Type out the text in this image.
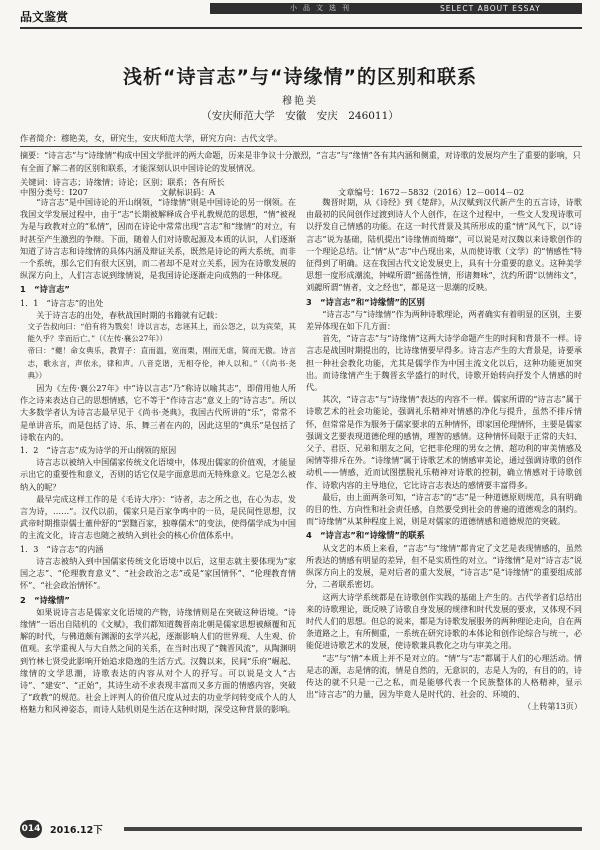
品文鉴赏
小品文选刊	SELECT ABOUT ESSAY
浅析“诗言志”与“诗缘情”的区别和联系
穆艳美
（安庆师范大学　安徽　安庆　246011）
作者简介：穆艳美，女，研究生，安庆师范大学，研究方向：古代文学。
摘要：“诗言志”与“诗缘情”构成中国文学批评的两大命题，历来是非争议十分激烈，“言志”与“缘情”各有其内涵和侧重，对诗歌的发展均产生了重要的影响，只有全面了解二者的区别和联系，才能深刻认识中国诗论的发展情况。
关键词：诗言志；诗缘情；诗论；区别；联系；各有所长
中图分类号：I207	文献标识码：A	文章编号：1672－5832（2016）12－0014－02

“诗言志”是中国诗论的开山纲领，“诗缘情”则是中国诗论的另一纲领。在我国文学发展过程中，由于“志”长期被解释成合乎礼教规范的思想，“情”被视为是与政教对立的“私情”，因而在诗论中常常出现“言志”和“缘情”的对立，有时甚至产生激烈的争辩。下面，随着人们对诗歌起源及本质的认识，人们逐渐知道了诗言志和诗缘情的具体内涵及辩证关系，既然是诗论的两大系统，而非一个系统，那么它们有很大区别，而二者却不是对立关系，因为在诗歌发展的纵深方向上，人们言志说到缘情说，是我国诗论逐渐走向成熟的一种体现。

1　“诗言志”
1．1　“诗言志”的出处

关于诗言志的出处，春秋战国时期的书籍就有记载：

文子告叔向曰：“伯有将为戮矣！诗以言志，志诬其上，而公怨之，以为宾荣，其能久乎？幸而后亡。”（《左传·襄公27年》）

帝曰：“夔！命女典乐，教胄子：直而温，宽而栗，刚而无虐，简而无傲。诗言志，歌永言，声依永，律和声。八音克谐，无相夺伦，神人以和。”（《尚书·尧典》）

因为《左传·襄公27年》中“诗以言志”乃“称诗以喻其志”，即借用他人所作之诗来表达自己的思想情感，它不等于“作诗言志”意义上的“诗言志”。所以大多数学者认为诗言志最早见于《尚书·尧典》，我国古代所讲的“乐”，常常不是单讲音乐，而是包括了诗、乐、舞三者在内的，因此这里的“典乐”是包括了诗歌在内的。

1．2　“诗言志”成为诗学的开山纲领的原因

诗言志以被纳入中国儒家传统文化语境中，体现出儒家的价值观，才能显示出它的重要性和意义，否则的话它仅是字面意思而无特殊意义。它是怎么被纳入的呢？

最早完成这样工作的是《毛诗大序》：“诗者，志之所之也，在心为志，发言为诗，……”。汉代以前，儒家只是百家争鸣中的一员，是民间性思想，汉武帝时期推崇儒士董仲舒的“罢黜百家，独尊儒术”的变法，使得儒学成为中国的主流文化，诗言志也随之被纳入到社会的核心价值体系中。

1．3　“诗言志”的内涵

诗言志被纳入到中国儒家传统文化语境中以后，这里志就主要体现为“家国之志”、“伦理教育意义”、“社会政治之志”或是“家国情怀”、“伦理教育情怀”、“社会政治情怀”。

2　“诗缘情”

如果说诗言志是儒家文化语境的产物，诗缘情则是在突破这种语境。“诗缘情”一语出自陆机的《文赋》，我们都知道魏晋南北朝是儒家思想被颠覆和瓦解的时代，与佛道颇有渊源的玄学兴起，逐渐影响人们的世界观、人生观、价值观。玄学重视人与大自然之间的关系，在当时出现了“魏晋风流”，从陶渊明到竹林七贤受此影响开始追求隐逸的生活方式。汉魏以来，民间“乐府”崛起、缘情的文学思潮，诗歌表达的内容从对个人的抒写。可以说是文人“古诗”、“建安”、“正始”，其诗生动不求表现丰富而又多方面的情感内容，突破了“政教”的规范。社会上评判人的价值尺度从过去的功业学问转变成个人的人格魅力和风神姿态，而诗人陆机则是生活在这种时期，深受这种背景的影响。

魏晋时期，从《诗经》到《楚辞》，从汉赋到汉代新产生的五言诗，诗歌由最初的民间创作过渡到诗人个人创作，在这个过程中，一些文人发现诗歌可以抒发自己情感的功能。在这一时代背景及其所形成的重“情”风气下，以“诗言志”说为基础，陆机提出“诗缘情而绮靡”，可以说是对汉魏以来诗歌创作的一个理论总结。让“情”从“志”中凸现出来，从而使诗歌（文学）的“情感性”特征得到了明确。这在我国古代文论发展史上，具有十分重要的意义。这种美学思想一度形成潮流，钟嵘所谓“摇荡性情，形诸舞咏”，沈约所谓“以情纬文”，刘勰所谓“情者，文之经也”，都是这一思潮的反映。

3　“诗言志”和“诗缘情”的区别

“诗言志”与“诗缘情”作为两种诗歌理论，两者确实有着明显的区别，主要差异体现在如下几方面：

首先，“诗言志”与“诗缘情”这两大诗学命题产生的时间和背景不一样。诗言志是战国时期提出的，比诗缘情要早得多。诗言志产生的大背景是，诗要承担一种社会教化功能，尤其是儒学作为中国主流文化以后，这种功能更加突出。而诗缘情产生于魏晋玄学盛行的时代，诗歌开始转向抒发个人情感的时代。

其次，“诗言志”与“诗缘情”表达的内容不一样。儒家所谓的“诗言志”属于诗歌艺术的社会功能论，强调礼乐精神对情感的净化与提升，虽然不排斥情怀，但常常是作为服务于儒家要求的五种情怀，即家国伦理情怀，主要是儒家强调文艺要表现道德伦理的感情，理智的感情。这种情怀局限于正常的夫妇、父子、君臣、兄弟和朋友之间，它把非伦理的男女之情、超功利的审美情感及闲情等排斥在外。“诗缘情”属于诗歌艺术的情感审美论，通过强调诗歌的创作动机——情感，近而试图摆脱礼乐精神对诗歌的控制，确立情感对于诗歌创作、诗歌内容的主导地位，它比诗言志表达的感情要丰富得多。

最后，由上面两条可知，“诗言志”的“志”是一种道德原则规范，具有明确的目的性、方向性和社会责任感，自然要受到社会的普遍的道德观念的制约。而“诗缘情”从某种程度上说，则是对儒家的道德情感和道德规范的突破。

4　“诗言志”和“诗缘情”的联系

从文艺的本质上来看，“言志”与“缘情”都肯定了文艺是表现情感的，虽然所表达的情感有明显的差异，但不是实质性的对立。“诗缘情”是对“诗言志”说纵深方向上的发展，是对后者的重大发展，“诗言志”是“诗缘情”的重要组成部分，二者联系密切。

这两大诗学系统都是在诗歌创作实践的基础上产生的。古代学者们总结出来的诗歌理论，既反映了诗歌自身发展的规律和时代发展的要求，又体现不同时代人们的思想。但总的说来，都是为诗歌发展服务的两种理论走向，自在两条道路之上，有所侧重，一系统在研究诗歌的本体论和创作论综合与统一，必能促进诗歌艺术的发展，使诗歌兼具教化之功与审美之用。

“志”与“情”本质上并不是对立的。“情”与“志”都属于人们的心理活动。情是志的源，志是情的流，情是自然的，无意识的，志是人为的，有目的的，诗传达的就不只是一己之私，而是能够代表一个民族整体的人格精神，显示出“诗言志”的力量，因为毕竟人是时代的、社会的、环境的、

（上转第13页）

014 2016.12下
